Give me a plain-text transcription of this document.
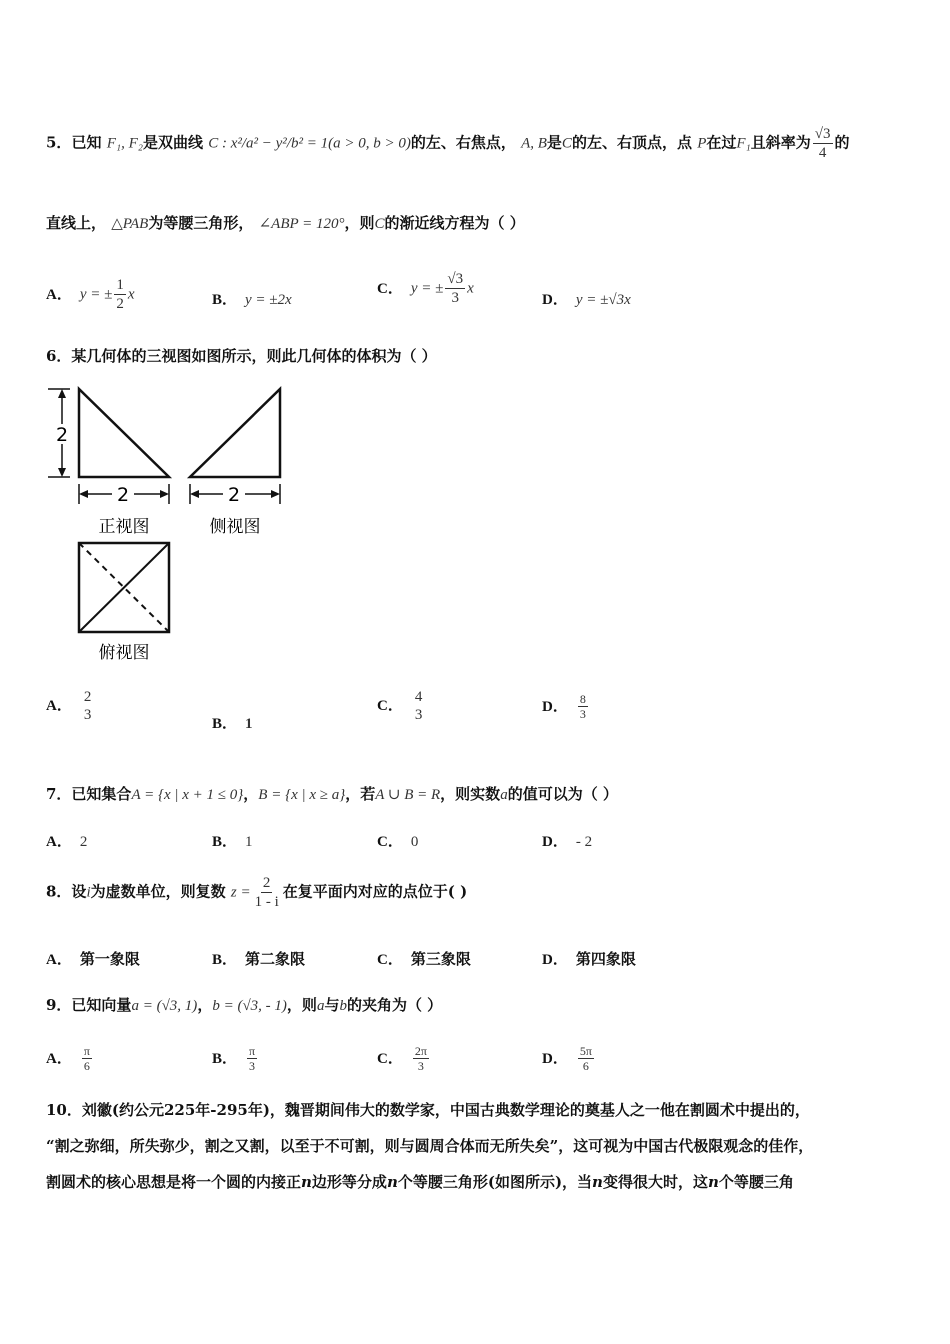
5．已知 F₁, F₂是双曲线 C : x²/a² − y²/b² = 1(a > 0, b > 0)的左、右焦点， A, B是C的左、右顶点，点 P在过F₁且斜率为 $\frac{√3}{4}$ 的
直线上， △PAB为等腰三角形， ∠ABP = 120°，则C的渐近线方程为（ ）
A． y = ± $\frac{1}{2}$ x	B． y = ±2x
C． y = ± $\frac{√3}{3}$ x
D． y = ±√3x
6．某几何体的三视图如图所示，则此几何体的体积为（ ）
2
2
正视图
2
侧视图
俯视图
A．
2
3
B． 1
C．
4
3
D． $\frac{8}{3}$
7．已知集合A = {x | x + 1 ≤ 0}，B = {x | x ≥ a}，若A ∪ B = R，则实数a的值可以为（ ）
A． 2	B． 1	C． 0	D． - 2
8．设i为虚数单位，则复数 $z = \frac{2}{1 - i}$ 在复平面内对应的点位于( )
A． 第一象限	B． 第二象限	C． 第三象限	D． 第四象限
9．已知向量a = (√3, 1)，b = (√3, - 1)，则a与b的夹角为（ ）
A． $\frac{\pi}{6}$	B． $\frac{\pi}{3}$	C． $\frac{2\pi}{3}$	D． $\frac{5\pi}{6}$
10．刘徽(约公元225年-295年)，魏晋期间伟大的数学家，中国古典数学理论的奠基人之一他在割圆术中提出的，
“割之弥细，所失弥少，割之又割，以至于不可割，则与圆周合体而无所失矣”，这可视为中国古代极限观念的佳作，
割圆术的核心思想是将一个圆的内接正n边形等分成n个等腰三角形(如图所示)，当n变得很大时，这n个等腰三角
